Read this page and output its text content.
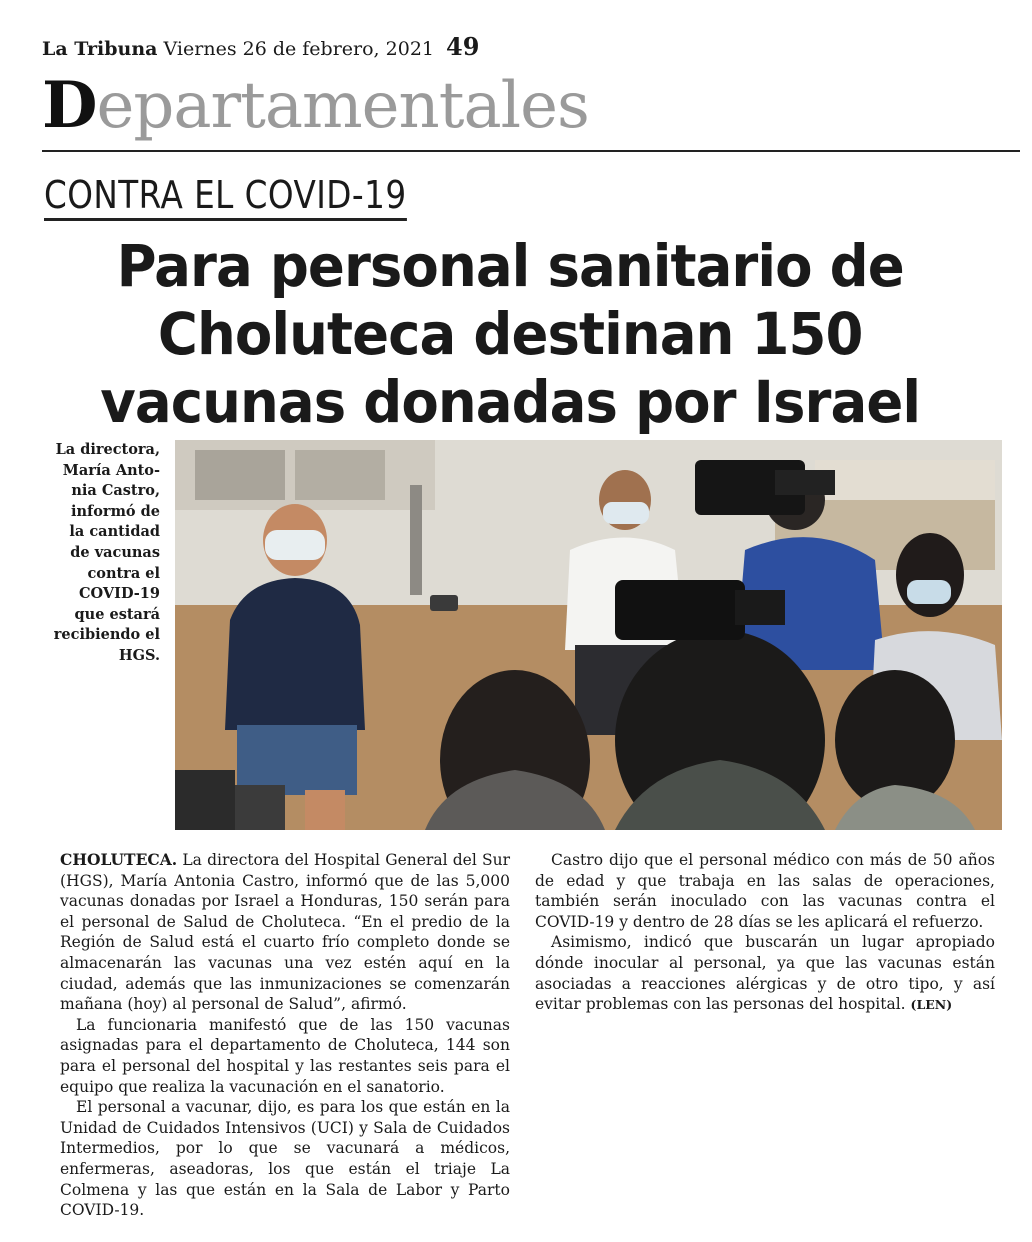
La Tribuna Viernes 26 de febrero, 2021 49
Departamentales
CONTRA EL COVID-19
Para personal sanitario de
Choluteca destinan 150
vacunas donadas por Israel

La directora,
María Anto-
nia Castro,
informó de
la cantidad
de vacunas
contra el
COVID-19
que estará
recibiendo el
HGS.

CHOLUTECA. La directora del Hospital General del Sur (HGS), María Antonia Castro, informó que de las 5,000 vacunas donadas por Israel a Honduras, 150 serán para el personal de Salud de Choluteca. “En el predio de la Región de Salud está el cuarto frío completo donde se almacenarán las vacunas una vez estén aquí en la ciudad, además que las inmunizaciones se comenzarán mañana (hoy) al personal de Salud”, afirmó.

La funcionaria manifestó que de las 150 vacunas asignadas para el departamento de Choluteca, 144 son para el personal del hospital y las restantes seis para el equipo que realiza la vacunación en el sanatorio.

El personal a vacunar, dijo, es para los que están en la Unidad de Cuidados Intensivos (UCI) y Sala de Cuidados Intermedios, por lo que se vacunará a médicos, enfermeras, aseadoras, los que están el triaje La Colmena y las que están en la Sala de Labor y Parto COVID-19.

Castro dijo que el personal médico con más de 50 años de edad y que trabaja en las salas de operaciones, también serán inoculado con las vacunas contra el COVID-19 y dentro de 28 días se les aplicará el refuerzo.

Asimismo, indicó que buscarán un lugar apropiado dónde inocular al personal, ya que las vacunas están asociadas a reacciones alérgicas y de otro tipo, y así evitar problemas con las personas del hospital. (LEN)
